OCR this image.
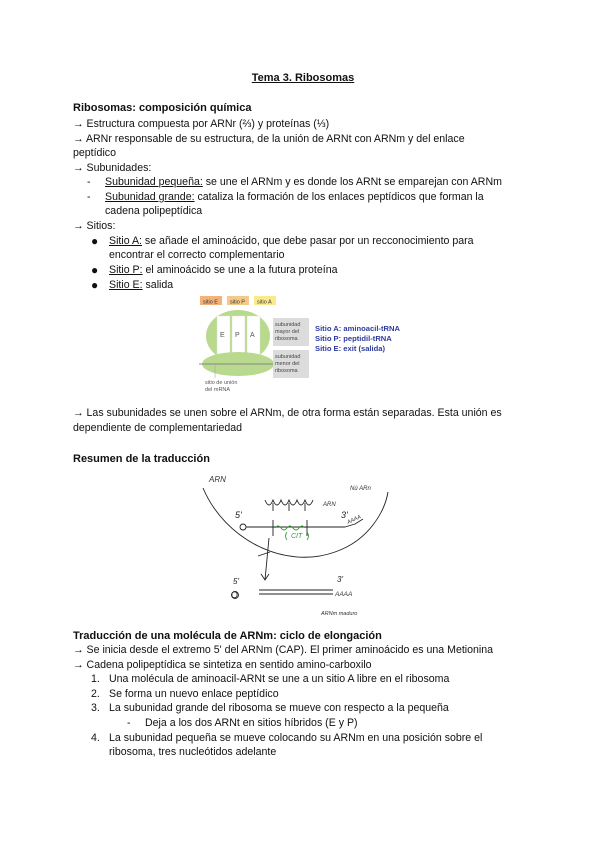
Tema 3. Ribosomas
Ribosomas: composición química
→ Estructura compuesta por ARNr (⅔) y proteínas (⅓)
→ ARNr responsable de su estructura, de la unión de ARNt con ARNm y del enlace
peptídico
→ Subunidades:
- Subunidad pequeña: se une el ARNm y es donde los ARNt se emparejan con ARNm
- Subunidad grande: cataliza la formación de los enlaces peptídicos que forman la
cadena polipeptídica
→ Sitios:
● Sitio A: se añade el aminoácido, que debe pasar por un recconocimiento para
encontrar el correcto complementario
● Sitio P: el aminoácido se une a la futura proteína
● Sitio E: salida
sitio E sitio P sitio A
E P A
sitio de unión
del mRNA
subunidad
mayor del
ribosoma
subunidad
menor del
ribosoma
Sitio A: aminoacil-tRNA
Sitio P: peptidil-tRNA
Sitio E: exit (salida)
→ Las subunidades se unen sobre el ARNm, de otra forma están separadas. Esta unión es
dependiente de complementariedad
Resumen de la traducción
ARN
Nú ARn
5'	3'
AAAA
ARN
CIT
5'	3'
O	AAAA
ARNm maduro
Traducción de una molécula de ARNm: ciclo de elongación
→ Se inicia desde el extremo 5' del ARNm (CAP). El primer aminoácido es una Metionina
→ Cadena polipeptídica se sintetiza en sentido amino-carboxilo
1. Una molécula de aminoacil-ARNt se une a un sitio A libre en el ribosoma
2. Se forma un nuevo enlace peptídico
3. La subunidad grande del ribosoma se mueve con respecto a la pequeña
- Deja a los dos ARNt en sitios híbridos (E y P)
4. La subunidad pequeña se mueve colocando su ARNm en una posición sobre el
ribosoma, tres nucleótidos adelante
